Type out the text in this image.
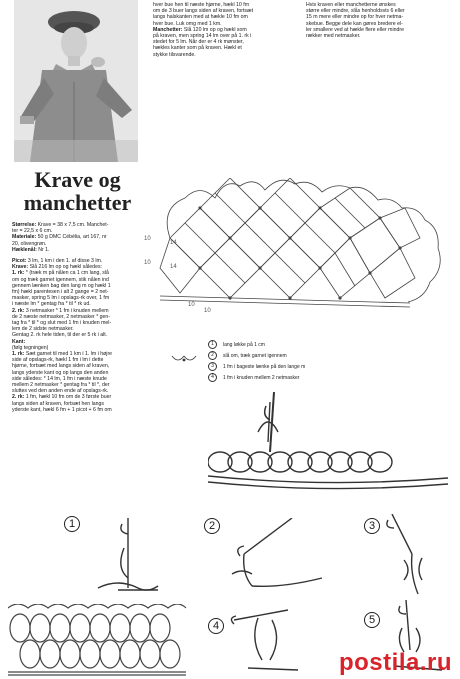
Krave og
manchetter
hver bue hen til næste hjørne, hækl 10 fm
om de 3 buer langs siden af kraven, fortsæt
langs halskanten med at hækle 10 fm om
hver bue. Luk omg med 1 km.
Manchetter: Slå 120 lm op og hækl som
på kraven, men spring 14 lm over på 1. rk i
stedet for 5 lm. Når der er 4 rk mønster,
hækles kanter som på kraven. Hækl et
stykke tilsvarende.
Hvis kraven eller manchetterne ønskes
større eller mindre, slås henholdsvis 6 eller
15 m mere eller mindre op for hver netma-
skebue. Begge dele kan gøres bredere el-
ler smallere ved at hækle flere eller mindre
rækker med netmasker.
Størrelse: Krave = 38 x 7,5 cm. Manchet-
ter = 22,5 x 6 cm.
Materiale: 50 g DMC Cébélia, art 167, nr
20, olivengrøn.
Hæklenål: Nr 1.
Picot: 3 lm, 1 km i den 1. af disse 3 lm.
Krave: Slå 216 lm op og hækl således:
1. rk: * (træk m på nålen ca 1 cm lang, slå
om og træk garnet igennem, stik nålen ind
gennem lænken bag den lang m og hækl 1
fm) hækl parentesen i alt 2 gange = 2 net-
masker, spring 5 lm i opslags-rk over, 1 fm
i næste lm * gentag fra * til * rk ud.
2. rk: 3 netmasker * 1 fm i knuden mellem
de 2 næste netmasker, 2 netmasker * gen-
tag fra * til * og slut med 1 fm i knuden mel-
lem de 2 sidste netmasker.
Gentag 2. rk hele tiden, til der er 5 rk i alt.
Kant:
(følg tegningen)
1. rk: Sæt garnet til med 1 km i 1. lm i højre
side af opslags-rk, hækl 1 fm i lm i dette
hjørne, fortsæt med langs siden af kraven,
langs yderste kant og op langs den anden
side således: * 14 lm, 1 fm i næste knude
mellem 2 netmasker * gentag fra * til *, der
sluttes ved den anden ende af opslags-rk.
2. rk: 1 fm, hækl 10 fm om de 3 første buer
langs siden af kraven, fortsæt hen langs
yderste kant, hækl 6 fm + 1 picot + 6 fm om
10
14
10
14
10
10
1 lang løkke på 1 cm
2 slå om, træk garnet igennem
3 1 fm i bageste lænke på den lange m
4 1 fm i knuden mellem 2 netmasker
1	2	3
4	5
postila.ru
